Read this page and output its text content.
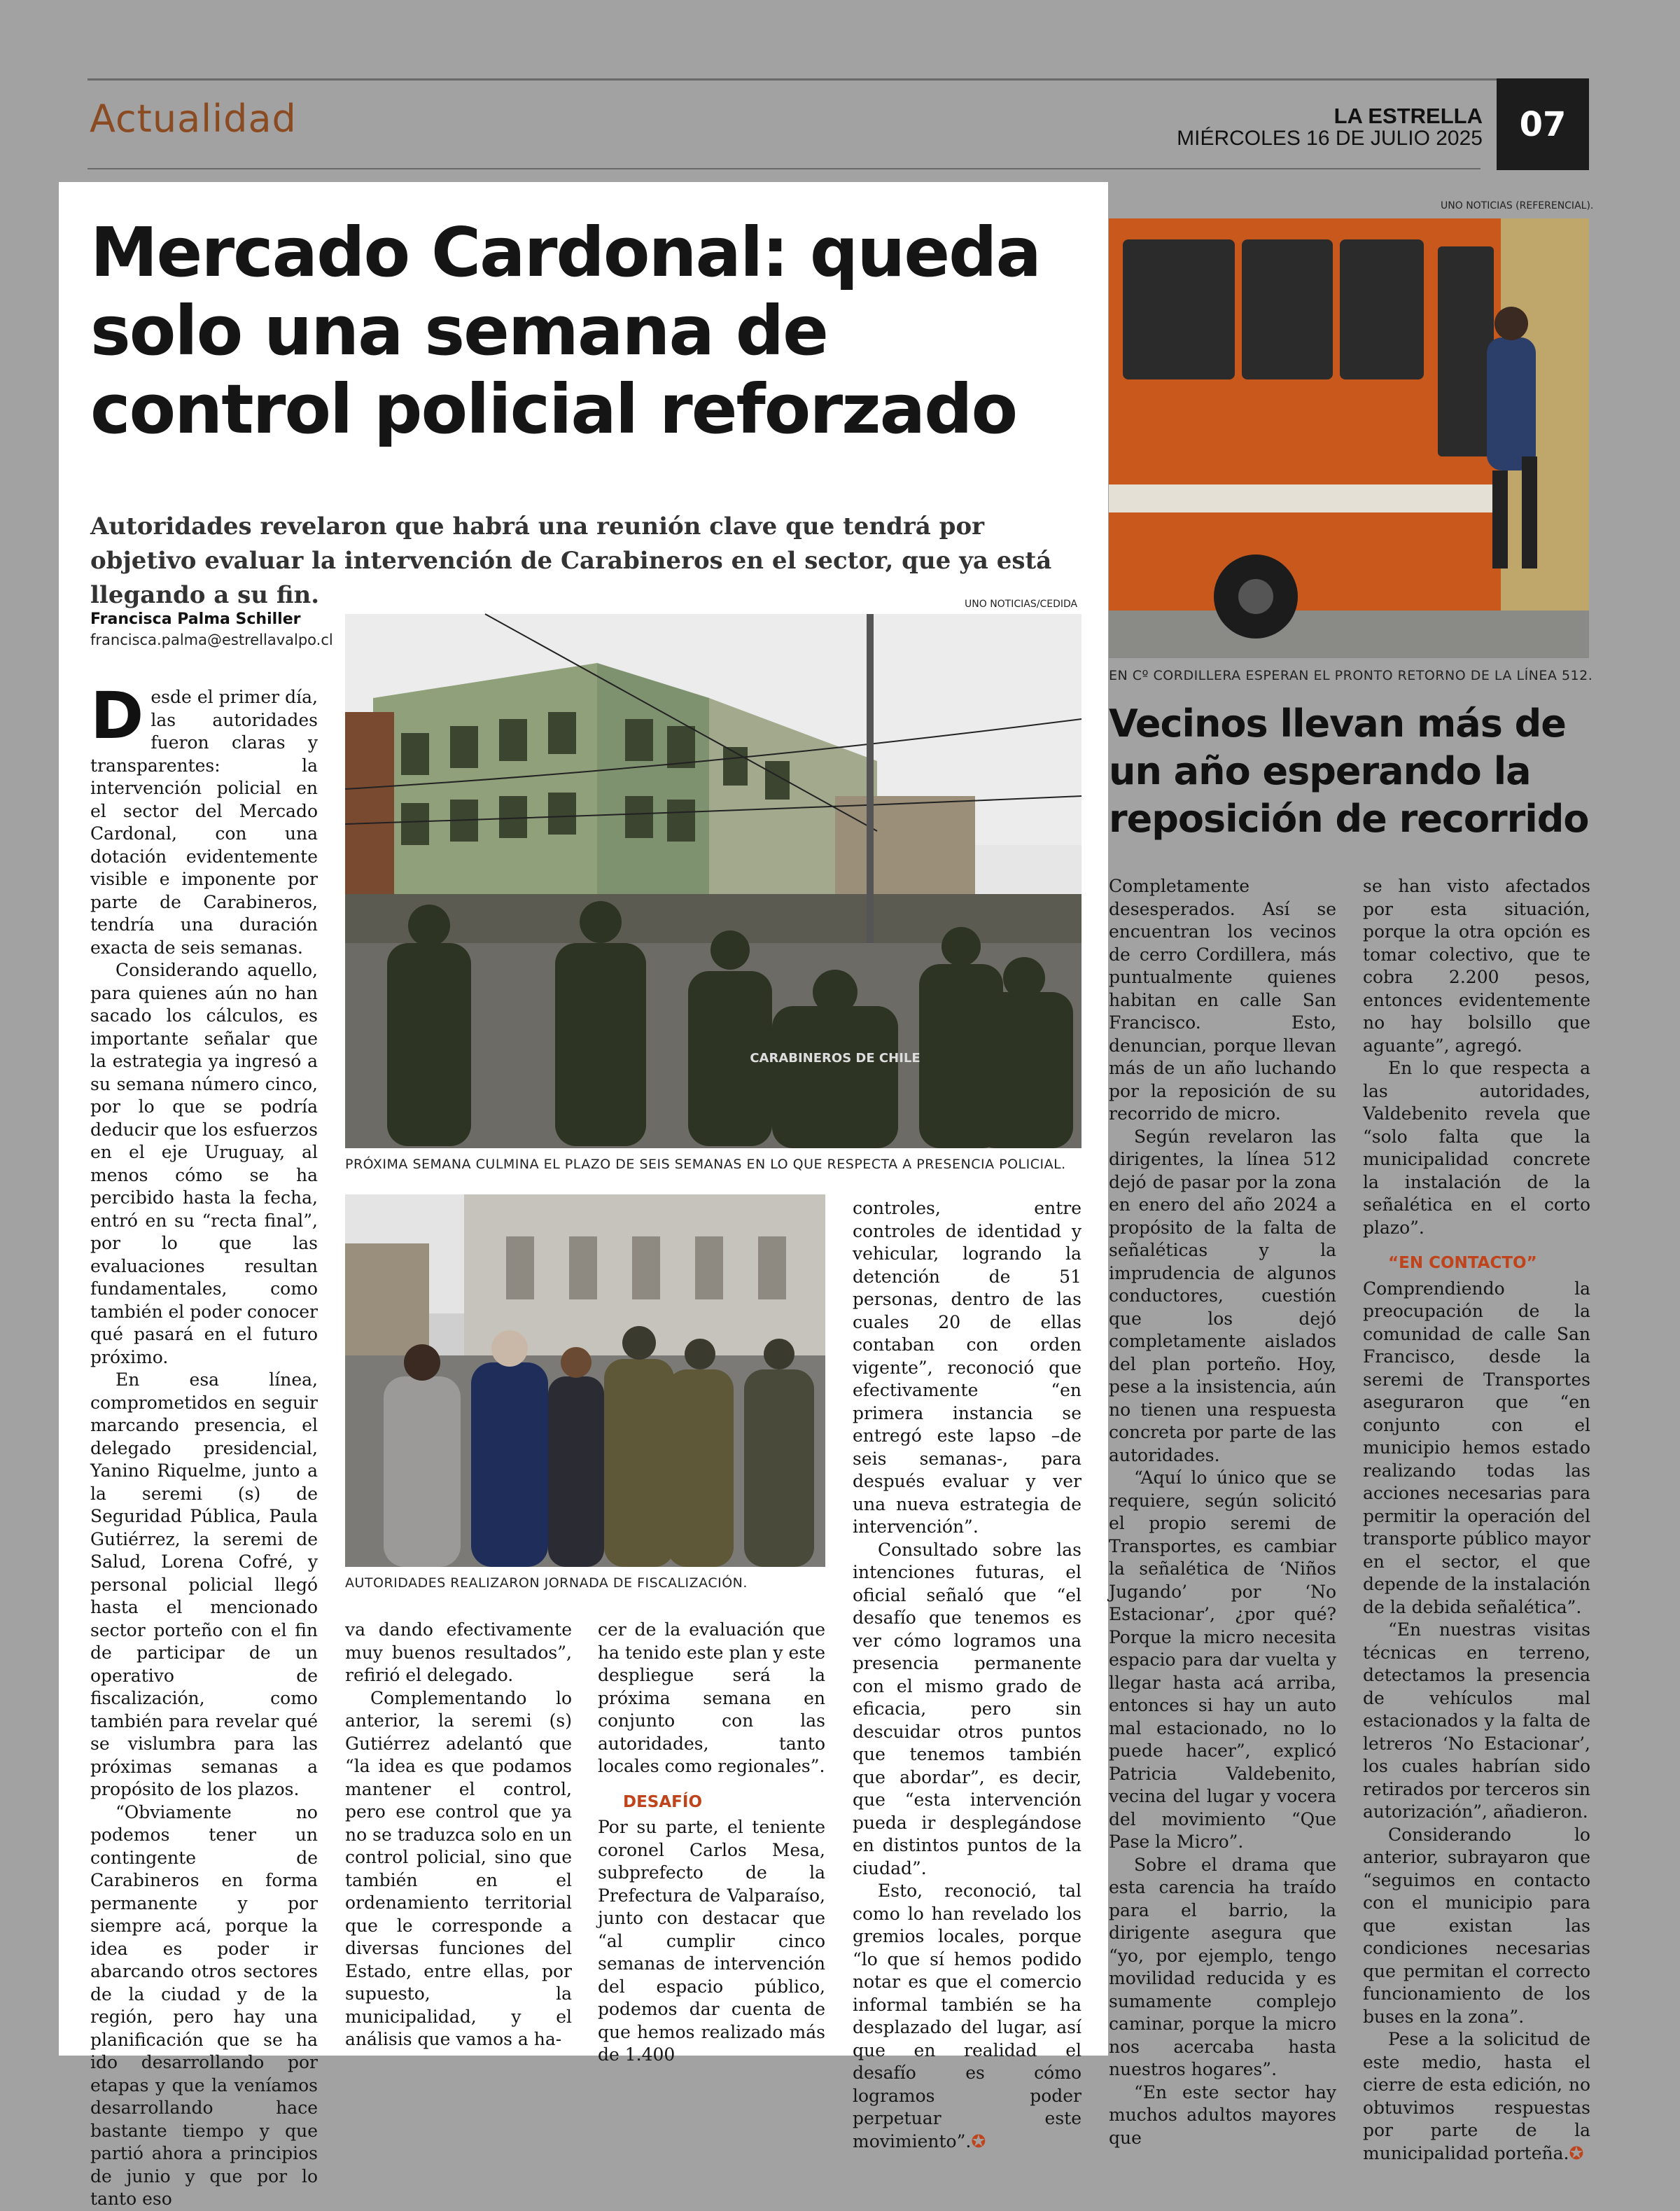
Actualidad	LA ESTRELLA
MIÉRCOLES 16 DE JULIO 2025	07
Mercado Cardonal: queda solo una semana de control policial reforzado
Autoridades revelaron que habrá una reunión clave que tendrá por objetivo evaluar la intervención de Carabineros en el sector, que ya está llegando a su fin.
Francisca Palma Schiller
francisca.palma@estrellavalpo.cl
UNO NOTICIAS/CEDIDA
CARABINEROS DE CHILE
PRÓXIMA SEMANA CULMINA EL PLAZO DE SEIS SEMANAS EN LO QUE RESPECTA A PRESENCIA POLICIAL.
AUTORIDADES REALIZARON JORNADA DE FISCALIZACIÓN.

Desde el primer día, las autoridades fueron claras y transparentes: la intervención policial en el sector del Mercado Cardonal, con una dotación evidentemente visible e imponente por parte de Carabineros, tendría una duración exacta de seis semanas.

Considerando aquello, para quienes aún no han sacado los cálculos, es importante señalar que la estrategia ya ingresó a su semana número cinco, por lo que se podría deducir que los esfuerzos en el eje Uruguay, al menos cómo se ha percibido hasta la fecha, entró en su “recta final”, por lo que las evaluaciones resultan fundamentales, como también el poder conocer qué pasará en el futuro próximo.

En esa línea, comprometidos en seguir marcando presencia, el delegado presidencial, Yanino Riquelme, junto a la seremi (s) de Seguridad Pública, Paula Gutiérrez, la seremi de Salud, Lorena Cofré, y personal policial llegó hasta el mencionado sector porteño con el fin de participar de un operativo de fiscalización, como también para revelar qué se vislumbra para las próximas semanas a propósito de los plazos.

“Obviamente no podemos tener un contingente de Carabineros en forma permanente y por siempre acá, porque la idea es poder ir abarcando otros sectores de la ciudad y de la región, pero hay una planificación que se ha ido desarrollando por etapas y que la veníamos desarrollando hace bastante tiempo y que partió ahora a principios de junio y que por lo tanto eso

va dando efectivamente muy buenos resultados”, refirió el delegado.

Complementando lo anterior, la seremi (s) Gutiérrez adelantó que “la idea es que podamos mantener el control, pero ese control que ya no se traduzca solo en un control policial, sino que también en el ordenamiento territorial que le corresponde a diversas funciones del Estado, entre ellas, por supuesto, la municipalidad, y el análisis que vamos a ha-

cer de la evaluación que ha tenido este plan y este despliegue será la próxima semana en conjunto con las autoridades, tanto locales como regionales”.

DESAFÍO

Por su parte, el teniente coronel Carlos Mesa, subprefecto de la Prefectura de Valparaíso, junto con destacar que “al cumplir cinco semanas de intervención del espacio público, podemos dar cuenta de que hemos realizado más de 1.400

controles, entre controles de identidad y vehicular, logrando la detención de 51 personas, dentro de las cuales 20 de ellas contaban con orden vigente”, reconoció que efectivamente “en primera instancia se entregó este lapso –de seis semanas-, para después evaluar y ver una nueva estrategia de intervención”.

Consultado sobre las intenciones futuras, el oficial señaló que “el desafío que tenemos es ver cómo logramos una presencia permanente con el mismo grado de eficacia, pero sin descuidar otros puntos que tenemos también que abordar”, es decir, que “esta intervención pueda ir desplegándose en distintos puntos de la ciudad”.

Esto, reconoció, tal como lo han revelado los gremios locales, porque “lo que sí hemos podido notar es que el comercio informal también se ha desplazado del lugar, así que en realidad el desafío es cómo logramos poder perpetuar este movimiento”.✪

UNO NOTICIAS (REFERENCIAL).
EN Cº CORDILLERA ESPERAN EL PRONTO RETORNO DE LA LÍNEA 512.
Vecinos llevan más de un año esperando la reposición de recorrido

Completamente desesperados. Así se encuentran los vecinos de cerro Cordillera, más puntualmente quienes habitan en calle San Francisco. Esto, denuncian, porque llevan más de un año luchando por la reposición de su recorrido de micro.

Según revelaron las dirigentes, la línea 512 dejó de pasar por la zona en enero del año 2024 a propósito de la falta de señaléticas y la imprudencia de algunos conductores, cuestión que los dejó completamente aislados del plan porteño. Hoy, pese a la insistencia, aún no tienen una respuesta concreta por parte de las autoridades.

“Aquí lo único que se requiere, según solicitó el propio seremi de Transportes, es cambiar la señalética de ‘Niños Jugando’ por ‘No Estacionar’, ¿por qué? Porque la micro necesita espacio para dar vuelta y llegar hasta acá arriba, entonces si hay un auto mal estacionado, no lo puede hacer”, explicó Patricia Valdebenito, vecina del lugar y vocera del movimiento “Que Pase la Micro”.

Sobre el drama que esta carencia ha traído para el barrio, la dirigente asegura que “yo, por ejemplo, tengo movilidad reducida y es sumamente complejo caminar, porque la micro nos acercaba hasta nuestros hogares”.

“En este sector hay muchos adultos mayores que

se han visto afectados por esta situación, porque la otra opción es tomar colectivo, que te cobra 2.200 pesos, entonces evidentemente no hay bolsillo que aguante”, agregó.

En lo que respecta a las autoridades, Valdebenito revela que “solo falta que la municipalidad concrete la instalación de la señalética en el corto plazo”.

“EN CONTACTO”

Comprendiendo la preocupación de la comunidad de calle San Francisco, desde la seremi de Transportes aseguraron que “en conjunto con el municipio hemos estado realizando todas las acciones necesarias para permitir la operación del transporte público mayor en el sector, el que depende de la instalación de la debida señalética”.

“En nuestras visitas técnicas en terreno, detectamos la presencia de vehículos mal estacionados y la falta de letreros ‘No Estacionar’, los cuales habrían sido retirados por terceros sin autorización”, añadieron.

Considerando lo anterior, subrayaron que “seguimos en contacto con el municipio para que existan las condiciones necesarias que permitan el correcto funcionamiento de los buses en la zona”.

Pese a la solicitud de este medio, hasta el cierre de esta edición, no obtuvimos respuestas por parte de la municipalidad porteña.✪
